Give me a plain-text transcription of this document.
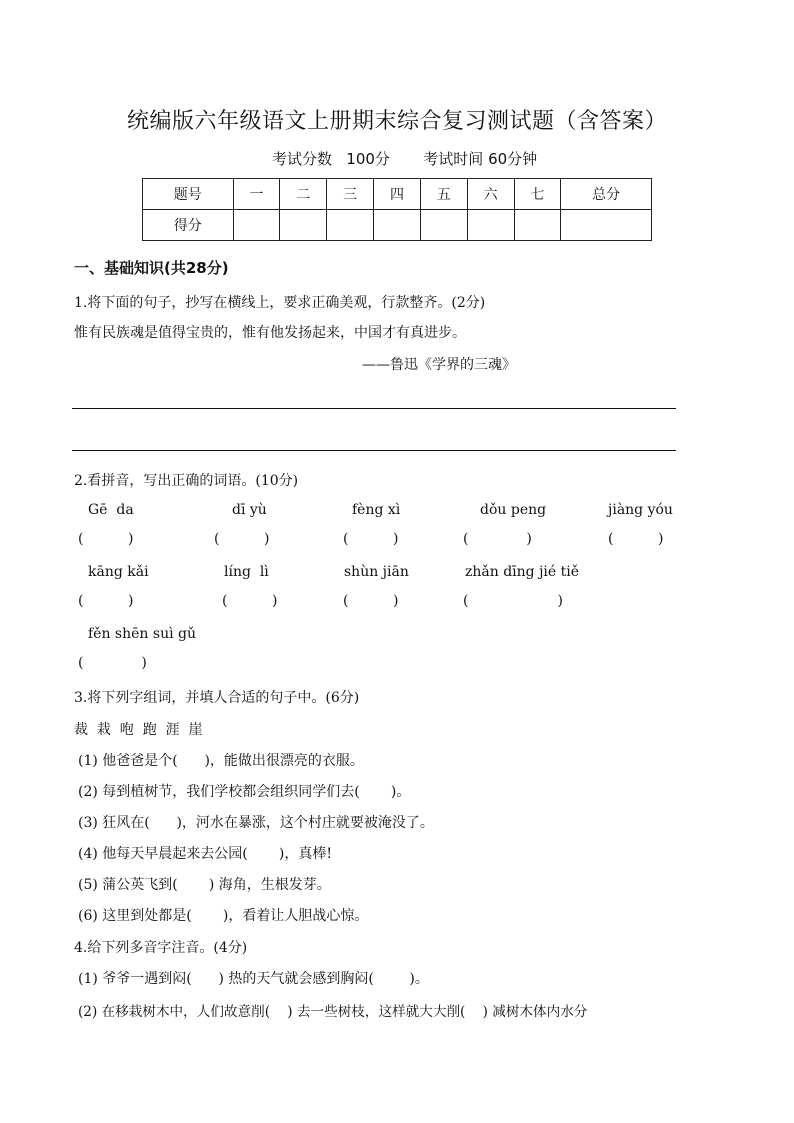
统编版六年级语文上册期末综合复习测试题（含答案）
考试分数   100分       考试时间 60分钟
题号	一	二	三	四	五	六	七	总分
得分								
一、基础知识(共28分)
1.将下面的句子，抄写在横线上，要求正确美观，行款整齐。(2分)
惟有民族魂是值得宝贵的，惟有他发扬起来，中国才有真进步。
——鲁迅《学界的三魂》
2.看拼音，写出正确的词语。(10分)
Gē  da	dī yù	fèng xì	dǒu peng	jiàng yóu
(          )	(          )	(          )	(             )	(          )
kāng kǎi	líng  lì	shùn jiān	zhǎn dīng jié tiě
(          )	(          )	(          )	(                    )
fěn shēn suì gǔ
(             )
3.将下列字组词，并填人合适的句子中。(6分)
裁  栽  咆  跑  涯  崖
(1) 他爸爸是个(      )，能做出很漂亮的衣服。
(2) 每到植树节，我们学校都会组织同学们去(       )。
(3) 狂风在(      )，河水在暴涨，这个村庄就要被淹没了。
(4) 他每天早晨起来去公园(       )，真棒!
(5) 蒲公英飞到(       ) 海角，生根发芽。
(6) 这里到处都是(       )，看着让人胆战心惊。
4.给下列多音字注音。(4分)
(1) 爷爷一遇到闷(      ) 热的天气就会感到胸闷(        )。
(2) 在移栽树木中，人们故意削(    ) 去一些树枝，这样就大大削(    ) 减树木体内水分
